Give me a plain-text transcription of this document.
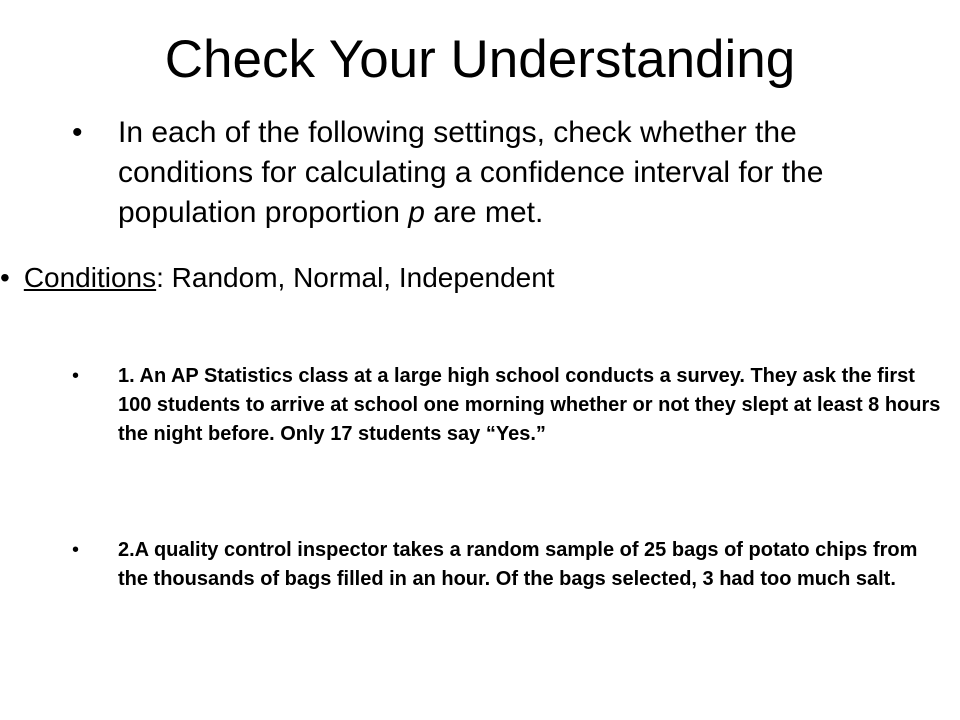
Check Your Understanding
•	In each of the following settings, check whether the conditions for calculating a confidence interval for the population proportion p are met.
• Conditions: Random, Normal, Independent
•	1. An AP Statistics class at a large high school conducts a survey. They ask the first 100 students to arrive at school one morning whether or not they slept at least 8 hours the night before. Only 17 students say “Yes.”
•	2.A quality control inspector takes a random sample of 25 bags of potato chips from the thousands of bags filled in an hour. Of the bags selected, 3 had too much salt.
